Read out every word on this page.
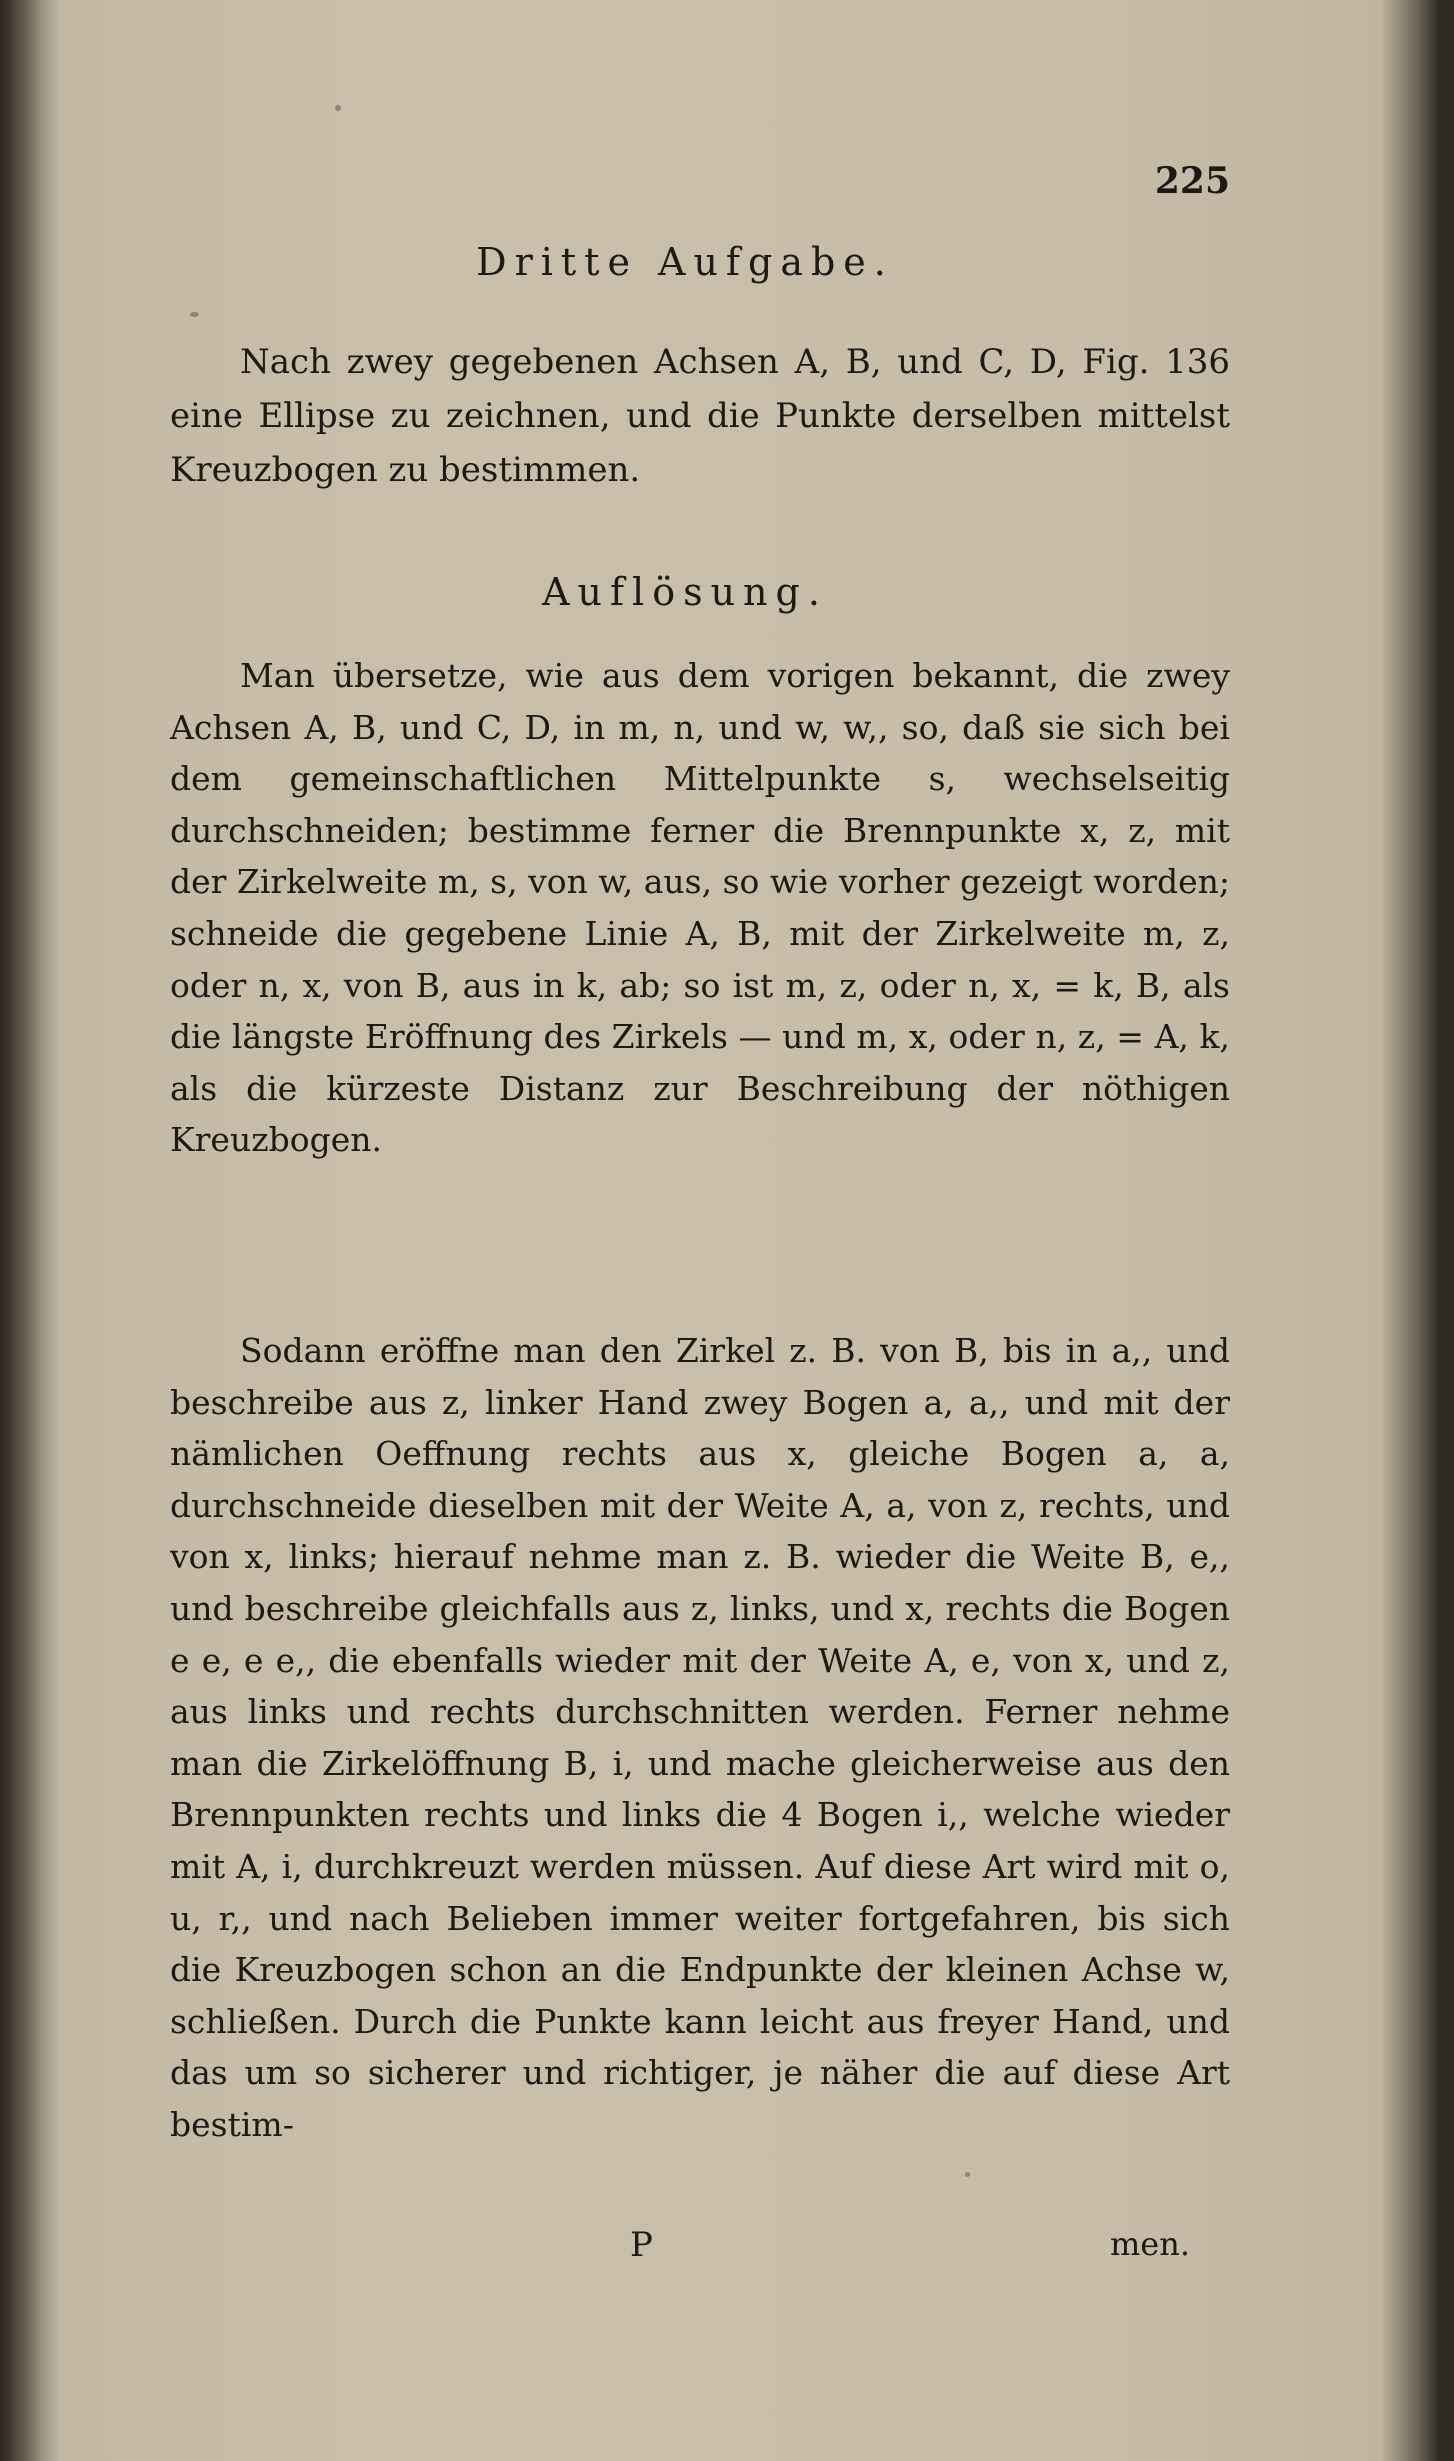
225
Dritte Aufgabe.
Nach zwey gegebenen Achsen A, B, und C, D, Fig. 136 eine Ellipse zu zeichnen, und die Punkte derselben mittelst Kreuzbogen zu bestimmen.
Auflösung.
Man übersetze, wie aus dem vorigen bekannt, die zwey Achsen A, B, und C, D, in m, n, und w, w,, so, daß sie sich bei dem gemeinschaftlichen Mittelpunkte s, wechselseitig durchschneiden; bestimme ferner die Brennpunkte x, z, mit der Zirkelweite m, s, von w, aus, so wie vorher gezeigt worden; schneide die gegebene Linie A, B, mit der Zirkelweite m, z, oder n, x, von B, aus in k, ab; so ist m, z, oder n, x, = k, B, als die längste Eröffnung des Zirkels — und m, x, oder n, z, = A, k, als die kürzeste Distanz zur Beschreibung der nöthigen Kreuzbogen.
Sodann eröffne man den Zirkel z. B. von B, bis in a,, und beschreibe aus z, linker Hand zwey Bogen a, a,, und mit der nämlichen Oeffnung rechts aus x, gleiche Bogen a, a, durchschneide dieselben mit der Weite A, a, von z, rechts, und von x, links; hierauf nehme man z. B. wieder die Weite B, e,, und beschreibe gleichfalls aus z, links, und x, rechts die Bogen e e, e e,, die ebenfalls wieder mit der Weite A, e, von x, und z, aus links und rechts durchschnitten werden. Ferner nehme man die Zirkelöffnung B, i, und mache gleicherweise aus den Brennpunkten rechts und links die 4 Bogen i,, welche wieder mit A, i, durchkreuzt werden müssen. Auf diese Art wird mit o, u, r,, und nach Belieben immer weiter fortgefahren, bis sich die Kreuzbogen schon an die Endpunkte der kleinen Achse w, schließen. Durch die Punkte kann leicht aus freyer Hand, und das um so sicherer und richtiger, je näher die auf diese Art bestim-
P	men.
